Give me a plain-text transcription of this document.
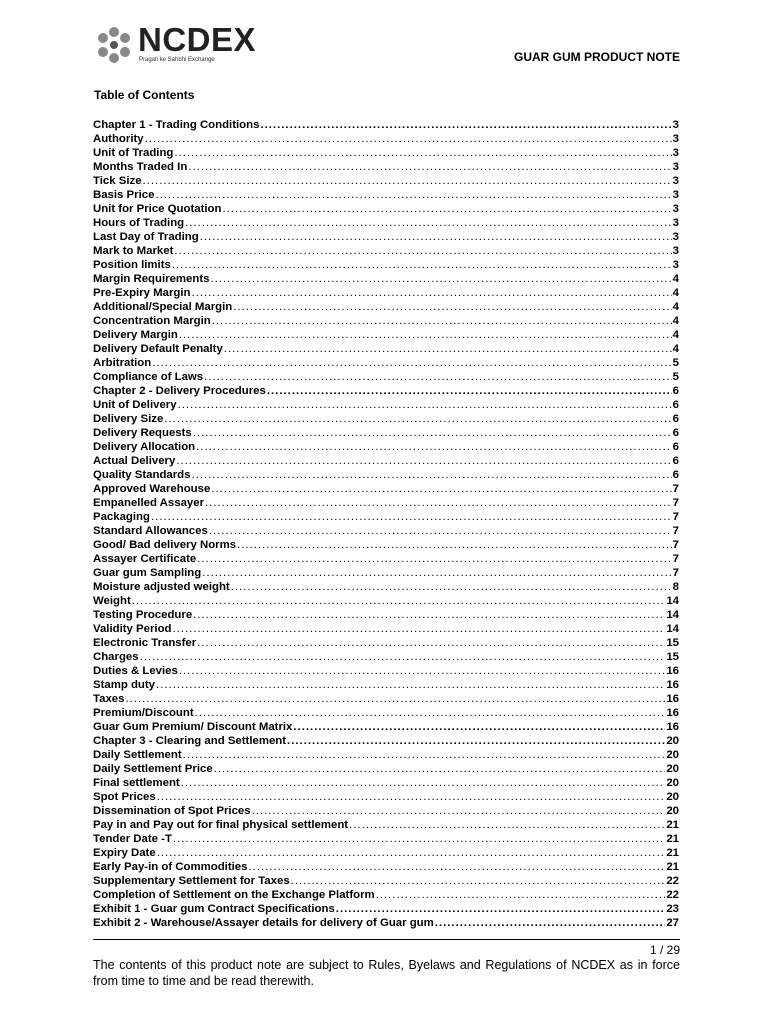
NCDEX
Pragati ke Sahbhi Exchange	GUAR GUM PRODUCT NOTE
Table of Contents
Chapter 1 - Trading Conditions .....	3
Authority .....	3
Unit of Trading .....	3
Months Traded In .....	3
Tick Size .....	3
Basis Price .....	3
Unit for Price Quotation .....	3
Hours of Trading .....	3
Last Day of Trading .....	3
Mark to Market .....	3
Position limits .....	3
Margin Requirements .....	4
Pre-Expiry Margin .....	4
Additional/Special Margin .....	4
Concentration Margin .....	4
Delivery Margin .....	4
Delivery Default Penalty .....	4
Arbitration .....	5
Compliance of Laws .....	5
Chapter 2 - Delivery Procedures .....	6
Unit of Delivery .....	6
Delivery Size .....	6
Delivery Requests .....	6
Delivery Allocation .....	6
Actual Delivery .....	6
Quality Standards .....	6
Approved Warehouse .....	7
Empanelled Assayer .....	7
Packaging .....	7
Standard Allowances .....	7
Good/ Bad delivery Norms .....	7
Assayer Certificate .....	7
Guar gum Sampling .....	7
Moisture adjusted weight .....	8
Weight .....	14
Testing Procedure .....	14
Validity Period .....	14
Electronic Transfer .....	15
Charges .....	15
Duties & Levies .....	16
Stamp duty .....	16
Taxes .....	16
Premium/Discount .....	16
Guar Gum Premium/ Discount Matrix .....	16
Chapter 3 - Clearing and Settlement .....	20
Daily Settlement .....	20
Daily Settlement Price .....	20
Final settlement .....	20
Spot Prices .....	20
Dissemination of Spot Prices .....	20
Pay in and Pay out for final physical settlement .....	21
Tender Date -T .....	21
Expiry Date .....	21
Early Pay-in of Commodities .....	21
Supplementary Settlement for Taxes .....	22
Completion of Settlement on the Exchange Platform .....	22
Exhibit 1 - Guar gum Contract Specifications .....	23
Exhibit 2 - Warehouse/Assayer details for delivery of Guar gum .....	27
1 / 29
The contents of this product note are subject to Rules, Byelaws and Regulations of NCDEX as in force from time to time and be read therewith.
